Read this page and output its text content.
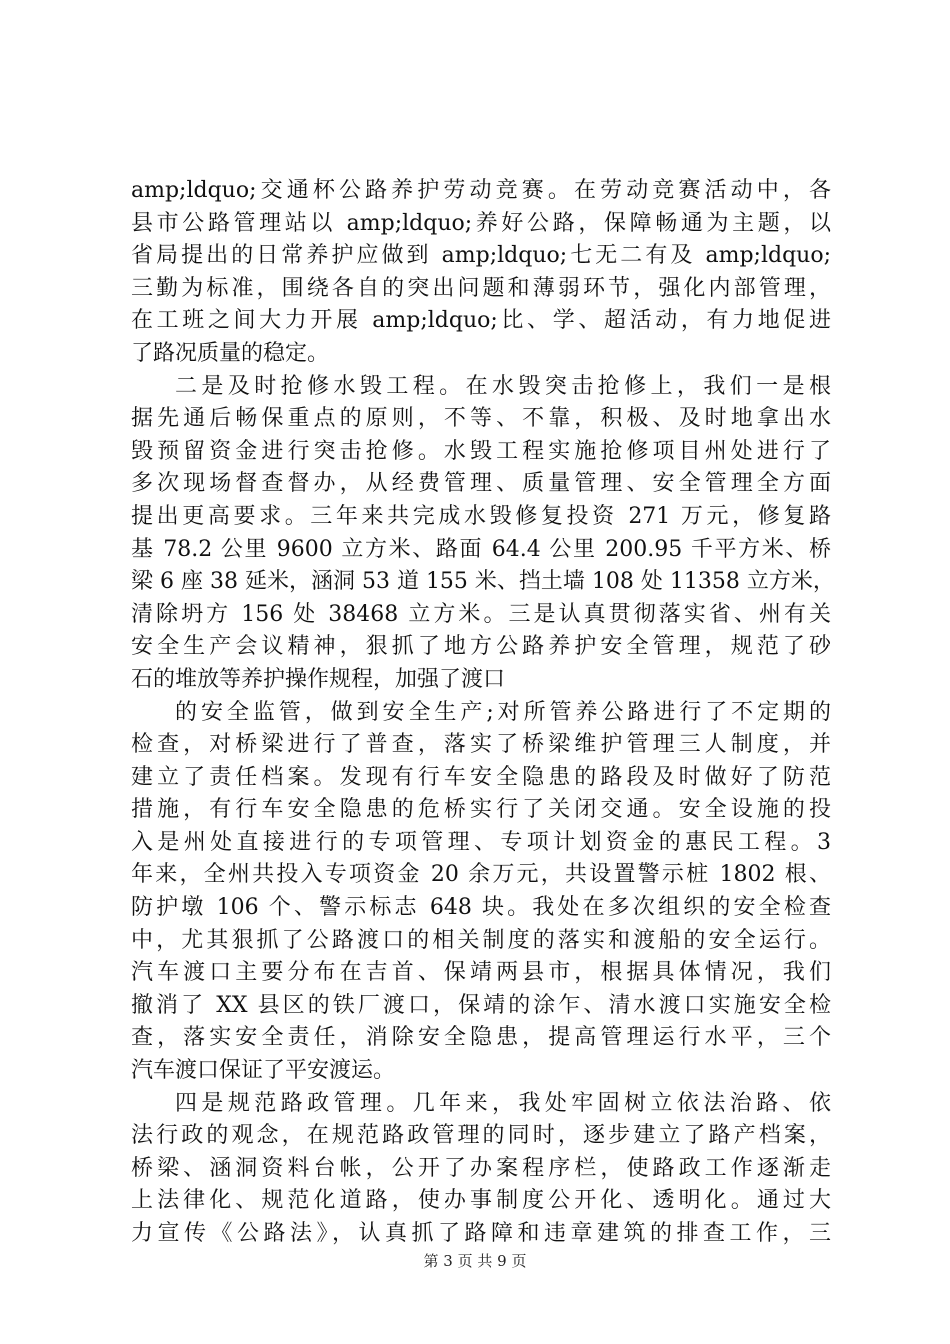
amp;ldquo;交通杯公路养护劳动竞赛。在劳动竞赛活动中，各
县市公路管理站以 amp;ldquo;养好公路，保障畅通为主题，以
省局提出的日常养护应做到 amp;ldquo;七无二有及 amp;ldquo;
三勤为标准，围绕各自的突出问题和薄弱环节，强化内部管理，
在工班之间大力开展 amp;ldquo;比、学、超活动，有力地促进
了路况质量的稳定。
二是及时抢修水毁工程。在水毁突击抢修上，我们一是根
据先通后畅保重点的原则，不等、不靠，积极、及时地拿出水
毁预留资金进行突击抢修。水毁工程实施抢修项目州处进行了
多次现场督查督办，从经费管理、质量管理、安全管理全方面
提出更高要求。三年来共完成水毁修复投资 271 万元，修复路
基 78.2 公里 9600 立方米、路面 64.4 公里 200.95 千平方米、桥
梁 6 座 38 延米，涵洞 53 道 155 米、挡土墙 108 处 11358 立方米，
清除坍方 156 处 38468 立方米。三是认真贯彻落实省、州有关
安全生产会议精神，狠抓了地方公路养护安全管理，规范了砂
石的堆放等养护操作规程，加强了渡口
的安全监管，做到安全生产;对所管养公路进行了不定期的
检查，对桥梁进行了普查，落实了桥梁维护管理三人制度，并
建立了责任档案。发现有行车安全隐患的路段及时做好了防范
措施，有行车安全隐患的危桥实行了关闭交通。安全设施的投
入是州处直接进行的专项管理、专项计划资金的惠民工程。3
年来，全州共投入专项资金 20 余万元，共设置警示桩 1802 根、
防护墩 106 个、警示标志 648 块。我处在多次组织的安全检查
中，尤其狠抓了公路渡口的相关制度的落实和渡船的安全运行。
汽车渡口主要分布在吉首、保靖两县市，根据具体情况，我们
撤消了 XX 县区的铁厂渡口，保靖的涂乍、清水渡口实施安全检
查，落实安全责任，消除安全隐患，提高管理运行水平，三个
汽车渡口保证了平安渡运。
四是规范路政管理。几年来，我处牢固树立依法治路、依
法行政的观念，在规范路政管理的同时，逐步建立了路产档案，
桥梁、涵洞资料台帐，公开了办案程序栏，使路政工作逐渐走
上法律化、规范化道路，使办事制度公开化、透明化。通过大
力宣传《公路法》，认真抓了路障和违章建筑的排查工作，三
第 3 页 共 9 页
